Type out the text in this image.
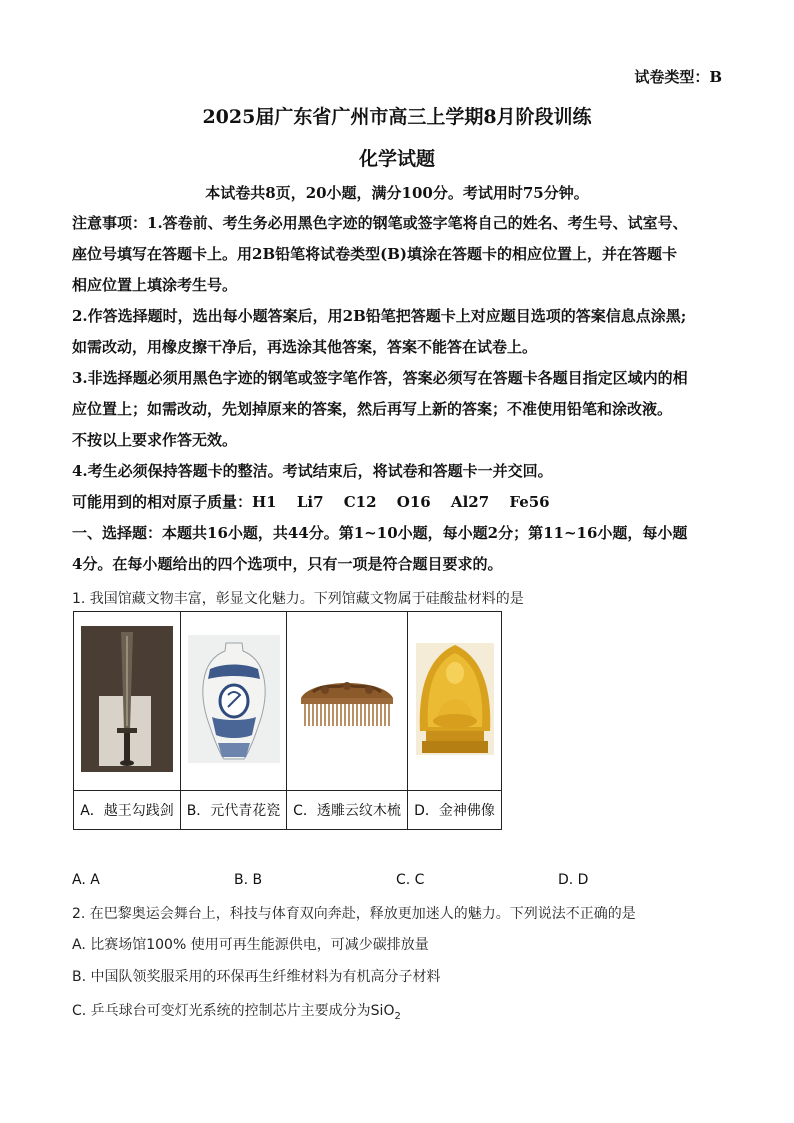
试卷类型：B
2025届广东省广州市高三上学期8月阶段训练
化学试题
本试卷共8页，20小题，满分100分。考试用时75分钟。
注意事项：1.答卷前、考生务必用黑色字迹的钢笔或签字笔将自己的姓名、考生号、试室号、
座位号填写在答题卡上。用2B铅笔将试卷类型(B)填涂在答题卡的相应位置上，并在答题卡
相应位置上填涂考生号。
2.作答选择题时，选出每小题答案后，用2B铅笔把答题卡上对应题目选项的答案信息点涂黑;
如需改动，用橡皮擦干净后，再选涂其他答案，答案不能答在试卷上。
3.非选择题必须用黑色字迹的钢笔或签字笔作答，答案必须写在答题卡各题目指定区域内的相
应位置上；如需改动，先划掉原来的答案，然后再写上新的答案；不准使用铅笔和涂改液。
不按以上要求作答无效。
4.考生必须保持答题卡的整洁。考试结束后，将试卷和答题卡一并交回。
可能用到的相对原子质量：H1　 Li7　 C12　 O16　 Al27　 Fe56
一、选择题：本题共16小题，共44分。第1~10小题，每小题2分；第11~16小题，每小题
4分。在每小题给出的四个选项中，只有一项是符合题目要求的。
1. 我国馆藏文物丰富，彰显文化魅力。下列馆藏文物属于硅酸盐材料的是

A．越王勾践剑	B．元代青花瓷	C．透雕云纹木梳	D．金神佛像
A. A	B. B	C. C	D. D
2. 在巴黎奥运会舞台上，科技与体育双向奔赴，释放更加迷人的魅力。下列说法不正确的是
A. 比赛场馆100% 使用可再生能源供电，可减少碳排放量
B. 中国队领奖服采用的环保再生纤维材料为有机高分子材料
C. 乒乓球台可变灯光系统的控制芯片主要成分为SiO$_2$
